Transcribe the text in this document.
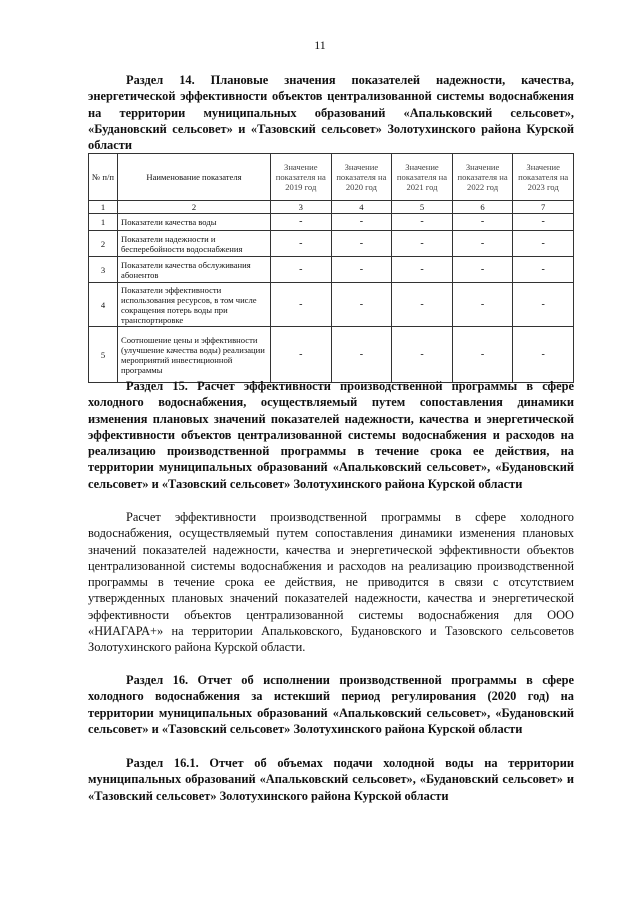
11
Раздел 14. Плановые значения показателей надежности, качества, энергетической эффективности объектов централизованной системы водоснабжения на территории муниципальных образований «Апальковский сельсовет», «Будановский сельсовет» и «Тазовский сельсовет» Золотухинского района Курской области
№ п/п	Наименование показателя	Значение показателя на 2019 год	Значение показателя на 2020 год	Значение показателя на 2021 год	Значение показателя на 2022 год	Значение показателя на 2023 год
1	2	3	4	5	6	7
1	Показатели качества воды	-	-	-	-	-
2	Показатели надежности и бесперебойности водоснабжения	-	-	-	-	-
3	Показатели качества обслуживания абонентов	-	-	-	-	-
4	Показатели эффективности использования ресурсов, в том числе сокращения потерь воды при транспортировке	-	-	-	-	-
5	Соотношение цены и эффективности (улучшение качества воды) реализации мероприятий инвестиционной программы	-	-	-	-	-
Раздел 15. Расчет эффективности производственной программы в сфере холодного водоснабжения, осуществляемый путем сопоставления динамики изменения плановых значений показателей надежности, качества и энергетической эффективности объектов централизованной системы водоснабжения и расходов на реализацию производственной программы в течение срока ее действия, на территории муниципальных образований «Апальковский сельсовет», «Будановский сельсовет» и «Тазовский сельсовет» Золотухинского района Курской области
Расчет эффективности производственной программы в сфере холодного водоснабжения, осуществляемый путем сопоставления динамики изменения плановых значений показателей надежности, качества и энергетической эффективности объектов централизованной системы водоснабжения и расходов на реализацию производственной программы в течение срока ее действия, не приводится в связи с отсутствием утвержденных плановых значений показателей надежности, качества и энергетической эффективности объектов централизованной системы водоснабжения для ООО «НИАГАРА+» на территории Апальковского, Будановского и Тазовского сельсоветов Золотухинского района Курской области.
Раздел 16. Отчет об исполнении производственной программы в сфере холодного водоснабжения за истекший период регулирования (2020 год) на территории муниципальных образований «Апальковский сельсовет», «Будановский сельсовет» и «Тазовский сельсовет» Золотухинского района Курской области
Раздел 16.1. Отчет об объемах подачи холодной воды на территории муниципальных образований «Апальковский сельсовет», «Будановский сельсовет» и «Тазовский сельсовет» Золотухинского района Курской области
